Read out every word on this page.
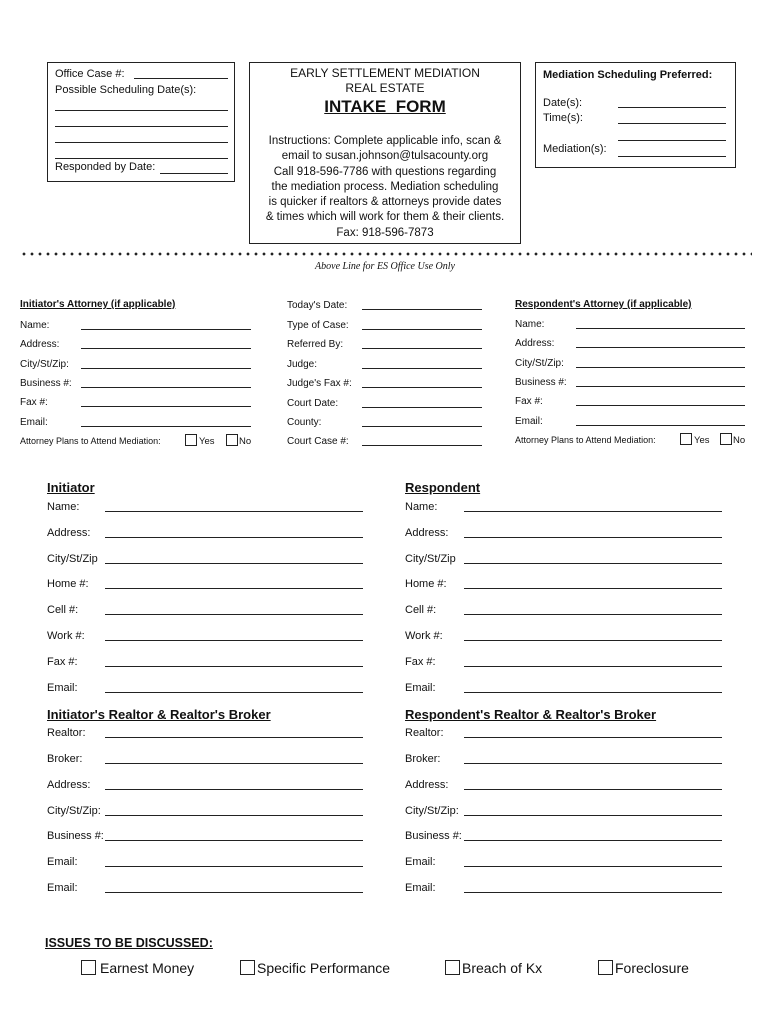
Office Case #:
Possible Scheduling Date(s):
Responded by Date:
EARLY SETTLEMENT MEDIATION
REAL ESTATE
INTAKE  FORM
Instructions: Complete applicable info, scan &
email to susan.johnson@tulsacounty.org
Call 918-596-7786 with questions regarding
the mediation process. Mediation scheduling
is quicker if realtors & attorneys provide dates
& times which will work for them & their clients.
Fax: 918-596-7873
Mediation Scheduling Preferred:
Date(s):
Time(s):
Mediation(s):
Above Line for ES Office Use Only
Initiator's Attorney (if applicable)
Name:
Address:
City/St/Zip:
Business #:
Fax #:
Email:
Attorney Plans to Attend Mediation:	Yes	No
Today's Date:
Type of Case:
Referred By:
Judge:
Judge's Fax #:
Court Date:
County:
Court Case #:
Respondent's Attorney (if applicable)
Name:
Address:
City/St/Zip:
Business #:
Fax #:
Email:
Attorney Plans to Attend Mediation:	Yes No
Initiator
Name:
Address:
City/St/Zip
Home #:
Cell #:
Work #:
Fax #:
Email:
Respondent
Name:
Address:
City/St/Zip
Home #:
Cell #:
Work #:
Fax #:
Email:
Initiator's Realtor & Realtor's Broker
Realtor:
Broker:
Address:
City/St/Zip:
Business #:
Email:
Email:
Respondent's Realtor & Realtor's Broker
Realtor:
Broker:
Address:
City/St/Zip:
Business #:
Email:
Email:
ISSUES TO BE DISCUSSED:
Earnest Money	Specific Performance	Breach of Kx	Foreclosure
